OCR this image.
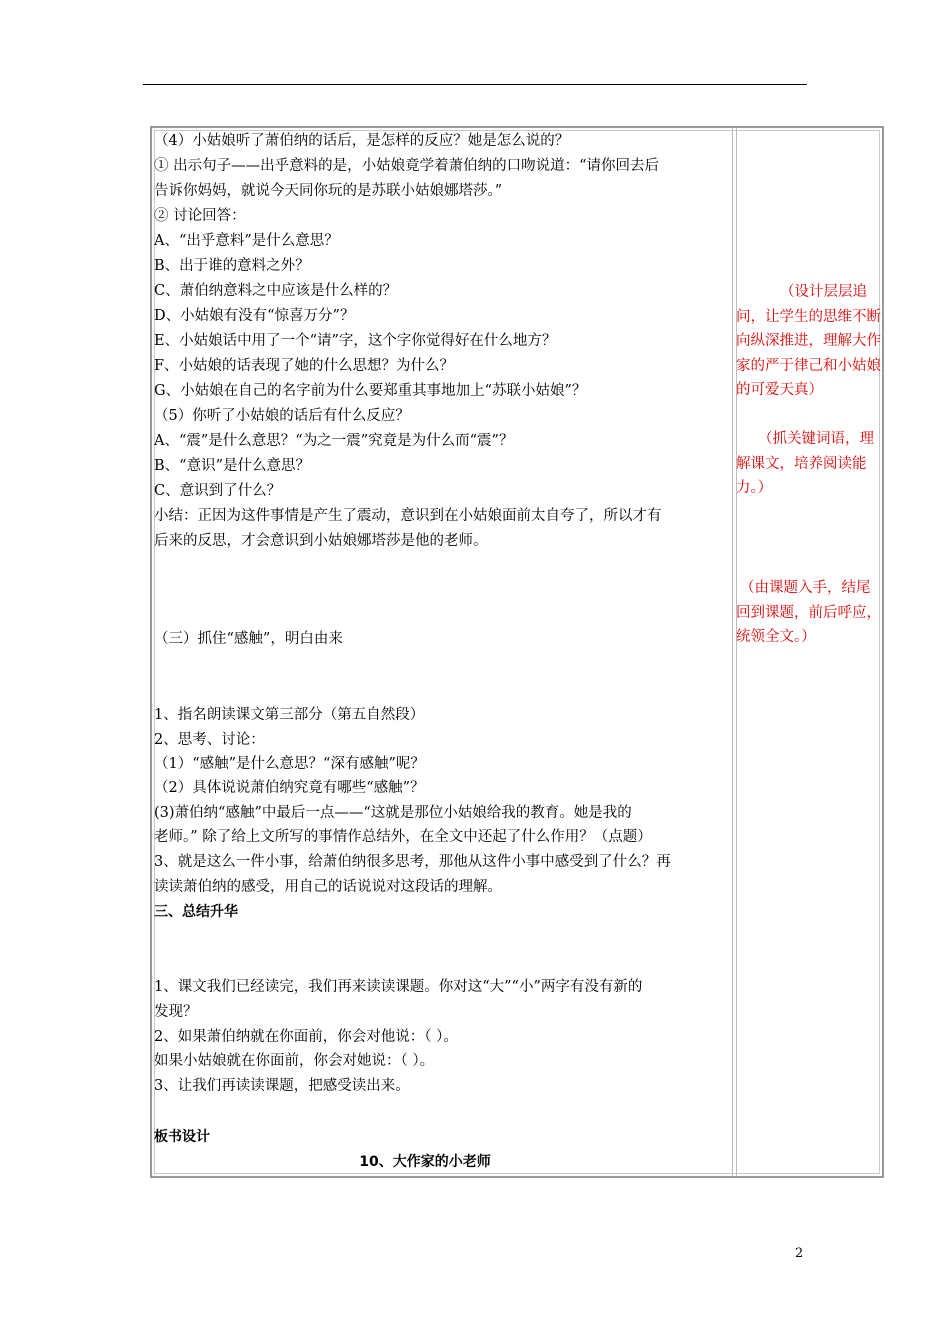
三、总结升华
板书设计
10、大作家的小老师
（4）小姑娘听了萧伯纳的话后，是怎样的反应？她是怎么说的？
① 出示句子——出乎意料的是，小姑娘竟学着萧伯纳的口吻说道：“请你回去后
告诉你妈妈，就说今天同你玩的是苏联小姑娘娜塔莎。”
② 讨论回答：
A、“出乎意料”是什么意思？
B、出于谁的意料之外？
C、萧伯纳意料之中应该是什么样的？
D、小姑娘有没有“惊喜万分”？
E、小姑娘话中用了一个“请”字，这个字你觉得好在什么地方？
F、小姑娘的话表现了她的什么思想？为什么？
G、小姑娘在自己的名字前为什么要郑重其事地加上“苏联小姑娘”？
（5）你听了小姑娘的话后有什么反应？
A、“震”是什么意思？“为之一震”究竟是为什么而“震”？
B、“意识”是什么意思？
C、意识到了什么？
小结：正因为这件事情是产生了震动，意识到在小姑娘面前太自夸了，所以才有
后来的反思，才会意识到小姑娘娜塔莎是他的老师。
（三）抓住“感触”，明白由来
1、指名朗读课文第三部分（第五自然段）
2、思考、讨论：
（1）“感触”是什么意思？“深有感触”呢？
（2）具体说说萧伯纳究竟有哪些“感触”？
(3)萧伯纳“感触”中最后一点——“这就是那位小姑娘给我的教育。她是我的
老师。” 除了给上文所写的事情作总结外，在全文中还起了什么作用？（点题）
3、就是这么一件小事，给萧伯纳很多思考，那他从这件小事中感受到了什么？再
读读萧伯纳的感受，用自己的话说说对这段话的理解。
1、课文我们已经读完，我们再来读读课题。你对这“大”“小”两字有没有新的
发现？
2、如果萧伯纳就在你面前，你会对他说：（ ）。
如果小姑娘就在你面前，你会对她说：（ ）。
3、让我们再读读课题，把感受读出来。
（设计层层追问，让学生的思维不断向纵深推进，理解大作家的严于律己和小姑娘的可爱天真）
（抓关键词语，理解课文，培养阅读能力。）
（由课题入手，结尾回到课题，前后呼应，统领全文。）
2
